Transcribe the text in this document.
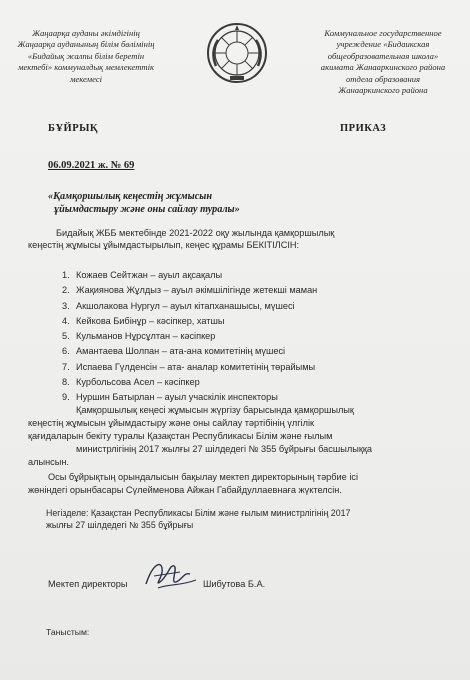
Жаңаарқа ауданы әкімдігінің
Жаңаарқа ауданының білім бөлімінің
«Бидайық жалпы білім беретін
мектебі» коммуналдық мемлекеттік
мекемесі
Коммунальное государственное
учреждение «Бидаикская
общеобразовательная школа»
акимата Жанааркинского района
отдела образования
Жанааркинского района
БҰЙРЫҚ	ПРИКАЗ
06.09.2021 ж. № 69
«Қамқоршылық кеңестің жұмысын
ұйымдастыру және оны сайлау туралы»
Бидайық ЖББ мектебінде 2021-2022 оқу жылында қамқоршылық
кеңестің жұмысы ұйымдастырылып, кеңес құрамы БЕКІТІЛСІН:
1. Кожаев Сейтжан – ауыл ақсақалы
2. Жақиянова Жұлдыз – ауыл әкімшілігінде жетекші маман
3. Акшолакова Нургул – ауыл кітапханашысы, мүшесі
4. Кейкова Бибінұр – кәсіпкер, хатшы
5. Кульманов Нұрсұлтан – кәсіпкер
6. Амантаева Шолпан – ата-ана комитетінің мүшесі
7. Испаева Гүлденсін – ата- аналар комитетінің төрайымы
8. Курбольсова Асел – кәсіпкер
9. Нуршин Батырлан – ауыл учаскілік инспекторы
Қамқоршылық кеңесі жұмысын жүргізу барысында қамқоршылық
кеңестің жұмысын ұйымдастыру және оны сайлау тәртібінің үлгілік
қағидаларын бекіту туралы Қазақстан Республикасы Білім және ғылым
министрлігінің 2017 жылғы 27 шілдедегі № 355 бұйрығы басшылыққа
алынсын.
Осы бұйрықтың орындалысын бақылау мектеп директорының тәрбие ісі
жөніндегі орынбасары Сүлейменова Айжан Габайдуллаевнаға жүктелсін.
Негізделе: Қазақстан Республикасы Білім және ғылым министрлігінің 2017
жылғы 27 шілдедегі № 355 бұйрығы
Мектеп директоры	Шибутова Б.А.
Таныстым:
